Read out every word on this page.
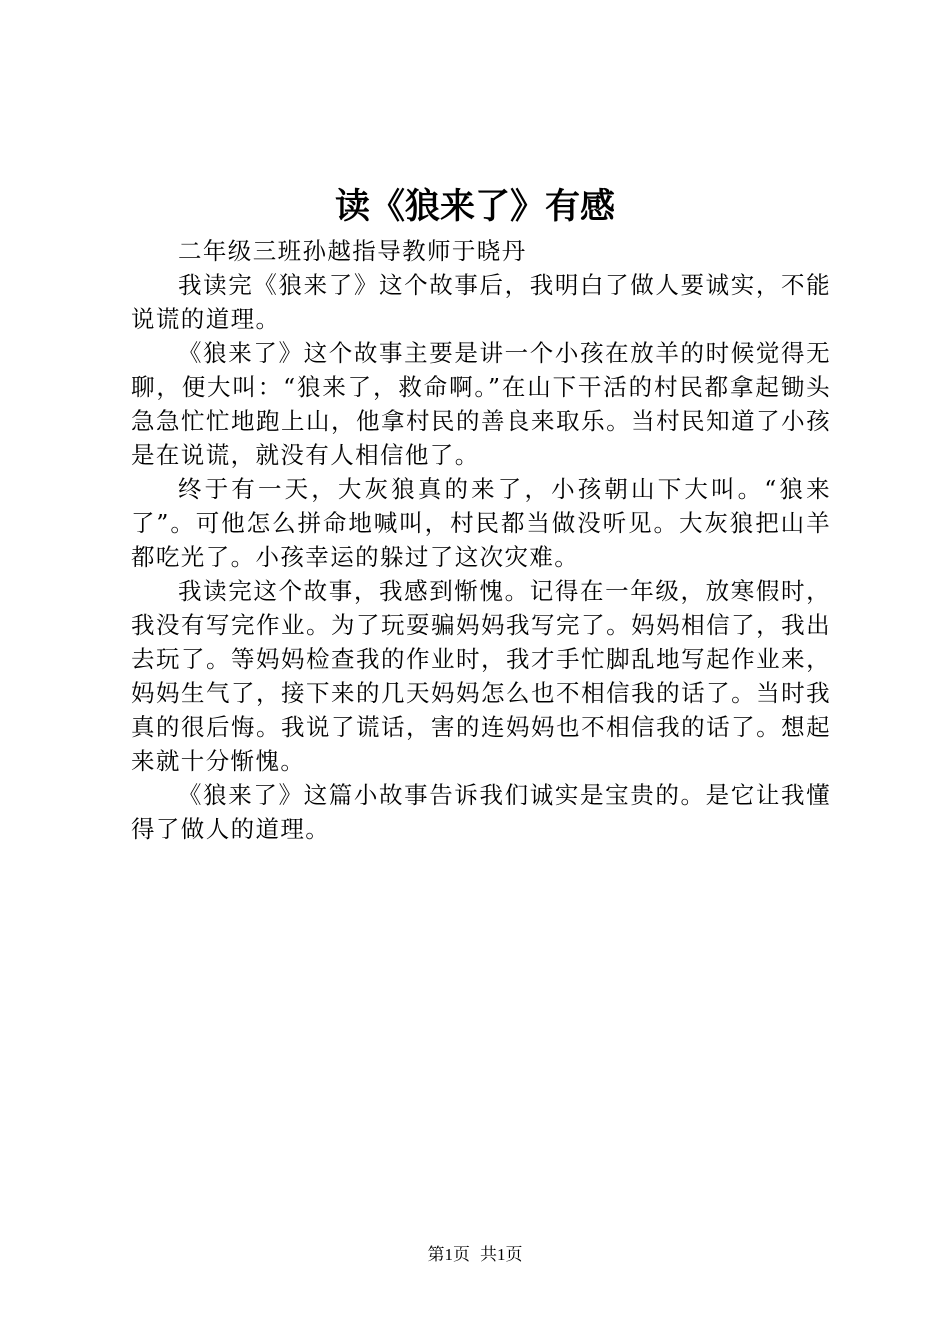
读《狼来了》有感

二年级三班孙越指导教师于晓丹

我读完《狼来了》这个故事后，我明白了做人要诚实，不能说谎的道理。

《狼来了》这个故事主要是讲一个小孩在放羊的时候觉得无聊，便大叫：“狼来了，救命啊。”在山下干活的村民都拿起锄头急急忙忙地跑上山，他拿村民的善良来取乐。当村民知道了小孩是在说谎，就没有人相信他了。

终于有一天，大灰狼真的来了，小孩朝山下大叫。“狼来了”。可他怎么拼命地喊叫，村民都当做没听见。大灰狼把山羊都吃光了。小孩幸运的躲过了这次灾难。

我读完这个故事，我感到惭愧。记得在一年级，放寒假时，我没有写完作业。为了玩耍骗妈妈我写完了。妈妈相信了，我出去玩了。等妈妈检查我的作业时，我才手忙脚乱地写起作业来，妈妈生气了，接下来的几天妈妈怎么也不相信我的话了。当时我真的很后悔。我说了谎话，害的连妈妈也不相信我的话了。想起来就十分惭愧。

《狼来了》这篇小故事告诉我们诚实是宝贵的。是它让我懂得了做人的道理。

第1页 共1页
